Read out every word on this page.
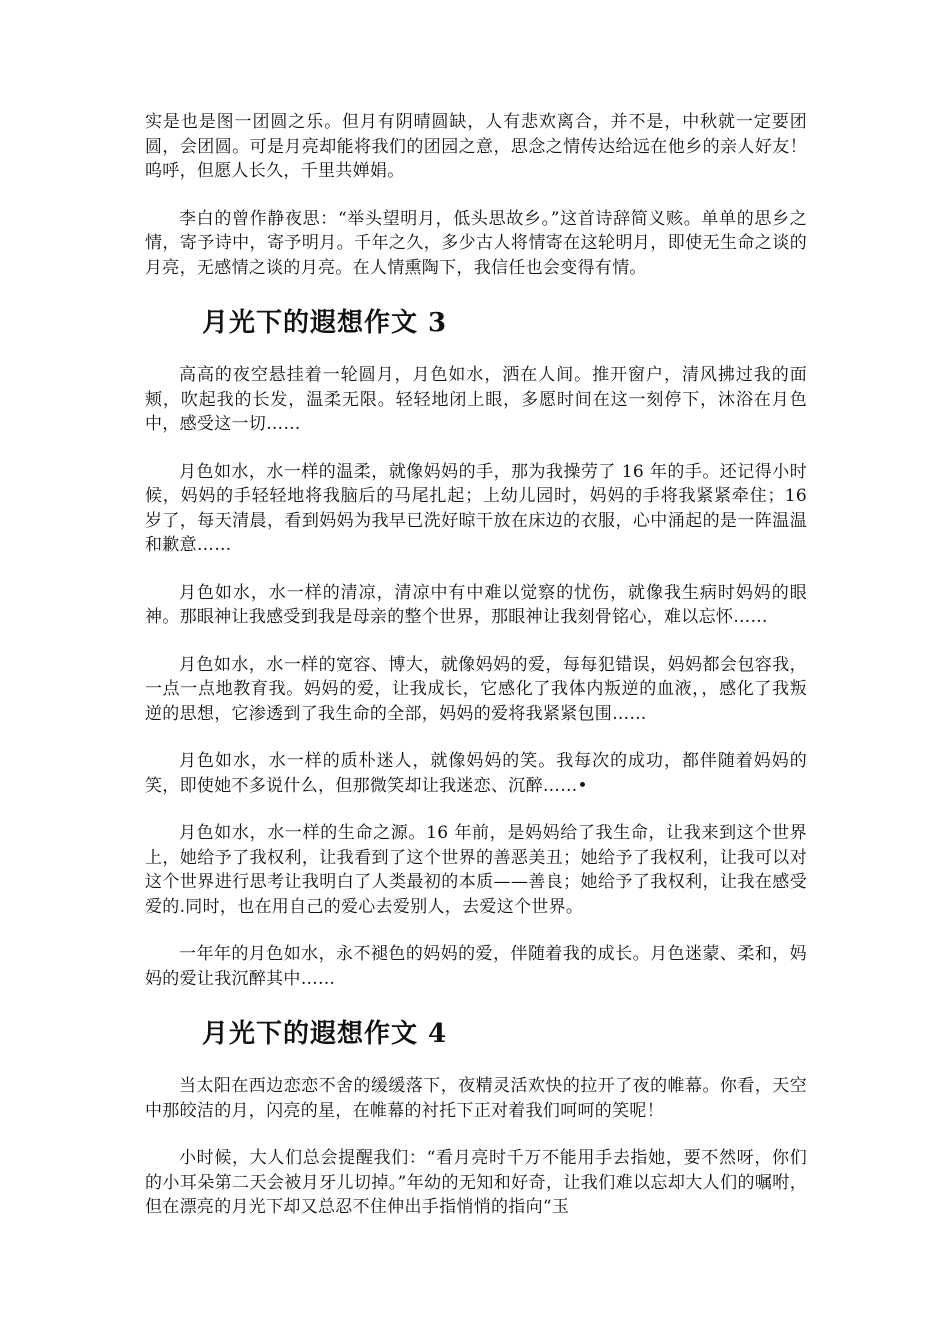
实是也是图一团圆之乐。但月有阴晴圆缺，人有悲欢离合，并不是，中秋就一定要团圆，会团圆。可是月亮却能将我们的团园之意，思念之情传达给远在他乡的亲人好友！呜呼，但愿人长久，千里共婵娟。

李白的曾作静夜思：“举头望明月，低头思故乡。”这首诗辞简义赅。单单的思乡之情，寄予诗中，寄予明月。千年之久，多少古人将情寄在这轮明月，即使无生命之谈的月亮，无感情之谈的月亮。在人情熏陶下，我信任也会变得有情。

月光下的遐想作文 3

高高的夜空悬挂着一轮圆月，月色如水，洒在人间。推开窗户，清风拂过我的面颊，吹起我的长发，温柔无限。轻轻地闭上眼，多愿时间在这一刻停下，沐浴在月色中，感受这一切……

月色如水，水一样的温柔，就像妈妈的手，那为我操劳了 16 年的手。还记得小时候，妈妈的手轻轻地将我脑后的马尾扎起；上幼儿园时，妈妈的手将我紧紧牵住；16 岁了，每天清晨，看到妈妈为我早已洗好晾干放在床边的衣服，心中涌起的是一阵温温和歉意……

月色如水，水一样的清凉，清凉中有中难以觉察的忧伤，就像我生病时妈妈的眼神。那眼神让我感受到我是母亲的整个世界，那眼神让我刻骨铭心，难以忘怀……

月色如水，水一样的宽容、博大，就像妈妈的爱，每每犯错误，妈妈都会包容我，一点一点地教育我。妈妈的爱，让我成长，它感化了我体内叛逆的血液，，感化了我叛逆的思想，它渗透到了我生命的全部，妈妈的爱将我紧紧包围……

月色如水，水一样的质朴迷人，就像妈妈的笑。我每次的成功，都伴随着妈妈的笑，即使她不多说什么，但那微笑却让我迷恋、沉醉……•

月色如水，水一样的生命之源。16 年前，是妈妈给了我生命，让我来到这个世界上，她给予了我权利，让我看到了这个世界的善恶美丑；她给予了我权利，让我可以对这个世界进行思考让我明白了人类最初的本质——善良；她给予了我权利，让我在感受爱的.同时，也在用自己的爱心去爱别人，去爱这个世界。

一年年的月色如水，永不褪色的妈妈的爱，伴随着我的成长。月色迷蒙、柔和，妈妈的爱让我沉醉其中……

月光下的遐想作文 4

当太阳在西边恋恋不舍的缓缓落下，夜精灵活欢快的拉开了夜的帷幕。你看，天空中那皎洁的月，闪亮的星，在帷幕的衬托下正对着我们呵呵的笑呢！

小时候，大人们总会提醒我们：“看月亮时千万不能用手去指她，要不然呀，你们的小耳朵第二天会被月牙儿切掉。”年幼的无知和好奇，让我们难以忘却大人们的嘱咐，但在漂亮的月光下却又总忍不住伸出手指悄悄的指向“玉
